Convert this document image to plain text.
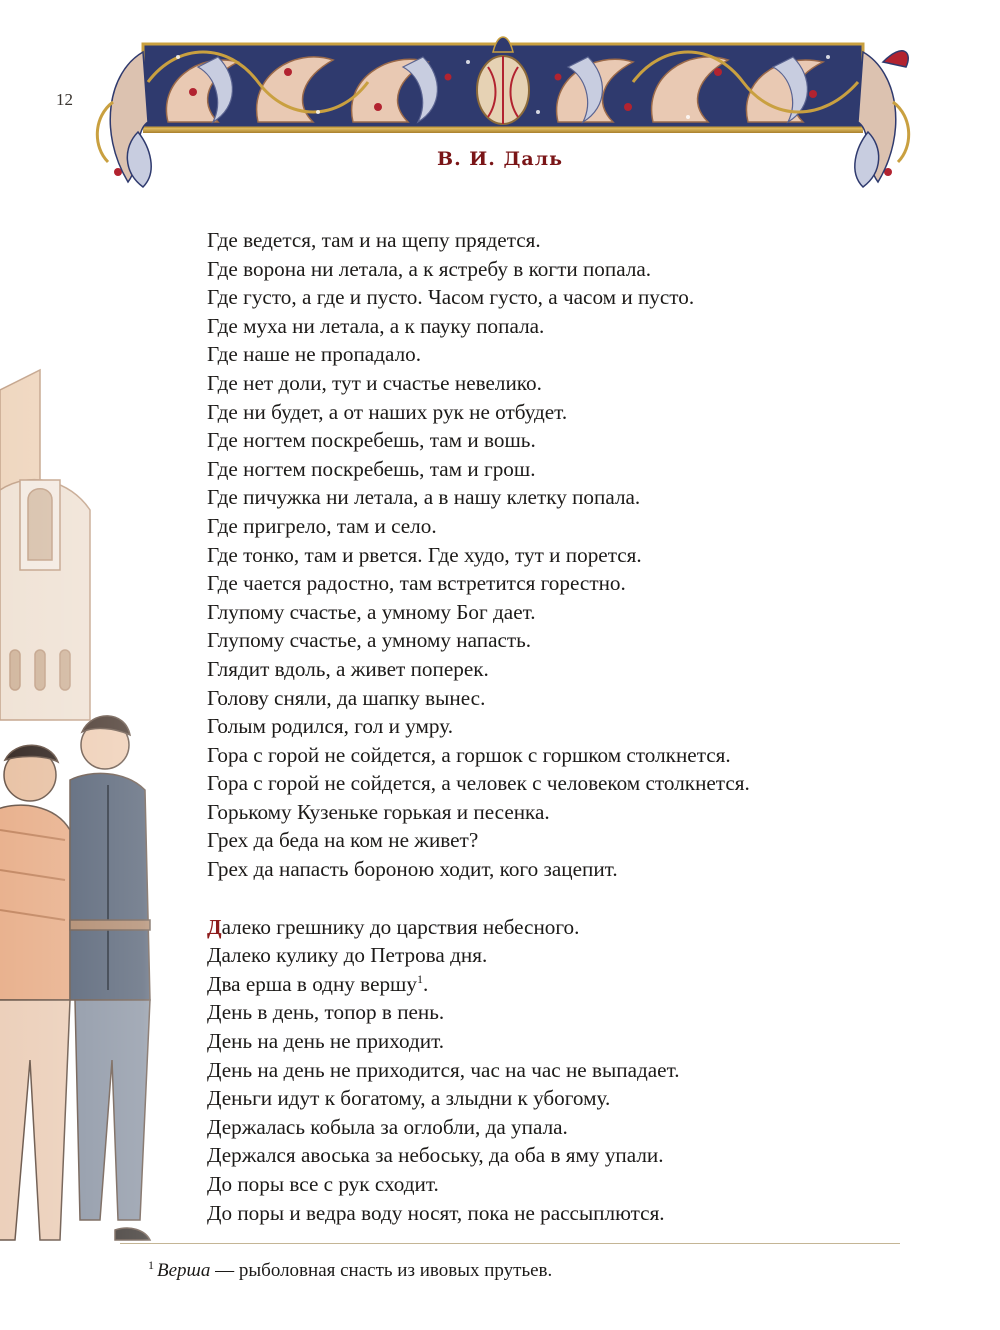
12
В. И. Даль
Где ведется, там и на щепу прядется.
Где ворона ни летала, а к ястребу в когти попала.
Где густо, а где и пусто. Часом густо, а часом и пусто.
Где муха ни летала, а к пауку попала.
Где наше не пропадало.
Где нет доли, тут и счастье невелико.
Где ни будет, а от наших рук не отбудет.
Где ногтем поскребешь, там и вошь.
Где ногтем поскребешь, там и грош.
Где пичужка ни летала, а в нашу клетку попала.
Где пригрело, там и село.
Где тонко, там и рвется. Где худо, тут и порется.
Где чается радостно, там встретится горестно.
Глупому счастье, а умному Бог дает.
Глупому счастье, а умному напасть.
Глядит вдоль, а живет поперек.
Голову сняли, да шапку вынес.
Голым родился, гол и умру.
Гора с горой не сойдется, а горшок с горшком столкнется.
Гора с горой не сойдется, а человек с человеком столкнется.
Горькому Кузеньке горькая и песенка.
Грех да беда на ком не живет?
Грех да напасть бороною ходит, кого зацепит.
Далеко грешнику до царствия небесного.
Далеко кулику до Петрова дня.
Два ерша в одну вершу$^1$.
День в день, топор в пень.
День на день не приходит.
День на день не приходится, час на час не выпадает.
Деньги идут к богатому, а злыдни к убогому.
Держалась кобыла за оглобли, да упала.
Держался авоська за небоську, да оба в яму упали.
До поры все с рук сходит.
До поры и ведра воду носят, пока не рассыплются.
$^1$ Верша — рыболовная снасть из ивовых прутьев.
